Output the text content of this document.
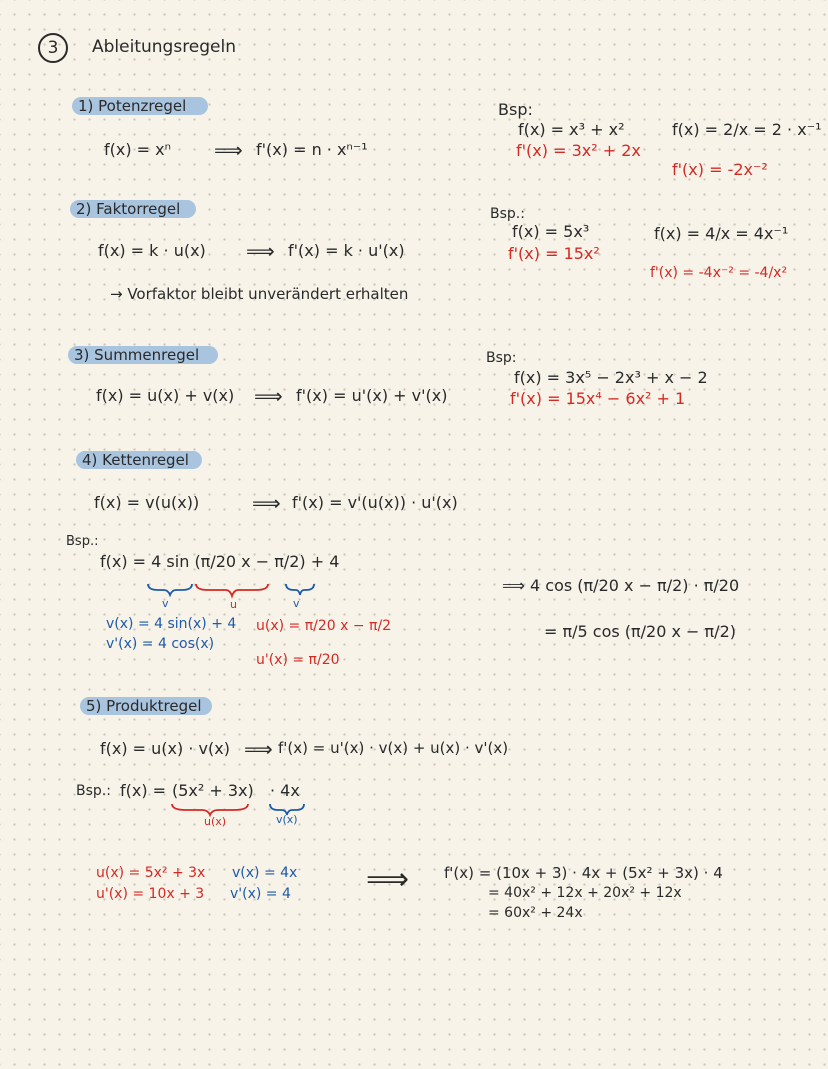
3	Ableitungsregeln
1) Potenzregel
f(x) = xⁿ ⟹ f'(x) = n · xⁿ⁻¹
Bsp:
f(x) = x³ + x²
f'(x) = 3x² + 2x
f(x) = 2/x = 2 · x⁻¹
f'(x) = -2x⁻²
2) Faktorregel
f(x) = k · u(x) ⟹ f'(x) = k · u'(x)
→ Vorfaktor bleibt unverändert erhalten
Bsp.:
f(x) = 5x³
f'(x) = 15x²
f(x) = 4/x = 4x⁻¹
f'(x) = -4x⁻² = -4/x²
3) Summenregel
f(x) = u(x) + v(x) ⟹ f'(x) = u'(x) + v'(x)
Bsp:
f(x) = 3x⁵ − 2x³ + x − 2
f'(x) = 15x⁴ − 6x² + 1
4) Kettenregel
f(x) = v(u(x))	⟹ f'(x) = v'(u(x)) · u'(x)
Bsp.:
f(x) = 4 sin (π/20 x − π/2) + 4
v	u	v
v(x) = 4 sin(x) + 4
v'(x) = 4 cos(x)
u(x) = π/20 x − π/2
u'(x) = π/20
⟹ 4 cos (π/20 x − π/2) · π/20
= π/5 cos (π/20 x − π/2)
5) Produktregel
f(x) = u(x) · v(x) ⟹ f'(x) = u'(x) · v(x) + u(x) · v'(x)
Bsp.: f(x) = (5x² + 3x) · 4x
u(x)	v(x)
u(x) = 5x² + 3x
u'(x) = 10x + 3
v(x) = 4x
v'(x) = 4	⟹ f'(x) = (10x + 3) · 4x + (5x² + 3x) · 4
= 40x² + 12x + 20x² + 12x
= 60x² + 24x
